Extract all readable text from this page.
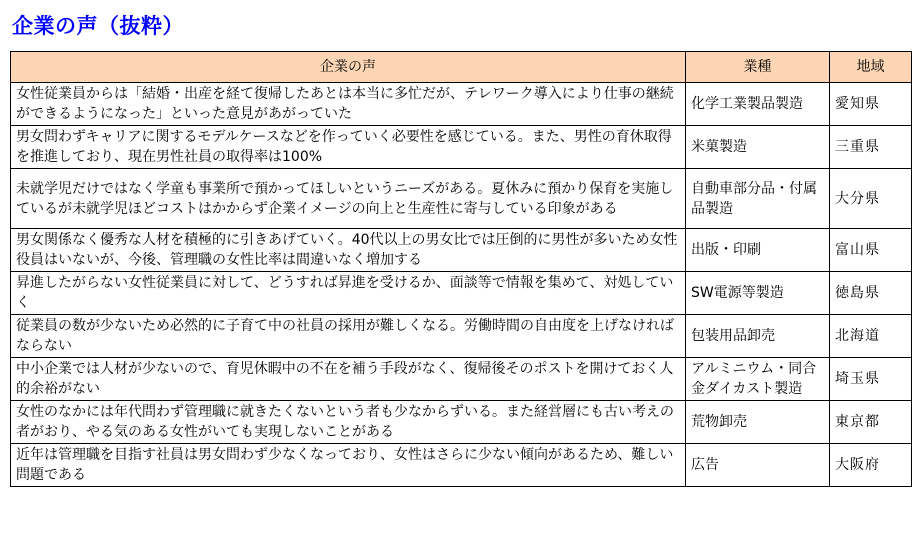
企業の声（抜粋）
企業の声	業種	地域
女性従業員からは「結婚・出産を経て復帰したあとは本当に多忙だが、テレワーク導入により仕事の継続ができるようになった」といった意見があがっていた	化学工業製品製造	愛知県
男女問わずキャリアに関するモデルケースなどを作っていく必要性を感じている。また、男性の育休取得を推進しており、現在男性社員の取得率は100%	米菓製造	三重県
未就学児だけではなく学童も事業所で預かってほしいというニーズがある。夏休みに預かり保育を実施しているが未就学児ほどコストはかからず企業イメージの向上と生産性に寄与している印象がある	自動車部分品・付属品製造	大分県
男女関係なく優秀な人材を積極的に引きあげていく。40代以上の男女比では圧倒的に男性が多いため女性役員はいないが、今後、管理職の女性比率は間違いなく増加する	出版・印刷	富山県
昇進したがらない女性従業員に対して、どうすれば昇進を受けるか、面談等で情報を集めて、対処していく	SW電源等製造	徳島県
従業員の数が少ないため必然的に子育て中の社員の採用が難しくなる。労働時間の自由度を上げなければならない	包装用品卸売	北海道
中小企業では人材が少ないので、育児休暇中の不在を補う手段がなく、復帰後そのポストを開けておく人的余裕がない	アルミニウム・同合金ダイカスト製造	埼玉県
女性のなかには年代問わず管理職に就きたくないという者も少なからずいる。また経営層にも古い考えの者がおり、やる気のある女性がいても実現しないことがある	荒物卸売	東京都
近年は管理職を目指す社員は男女問わず少なくなっており、女性はさらに少ない傾向があるため、難しい問題である	広告	大阪府
